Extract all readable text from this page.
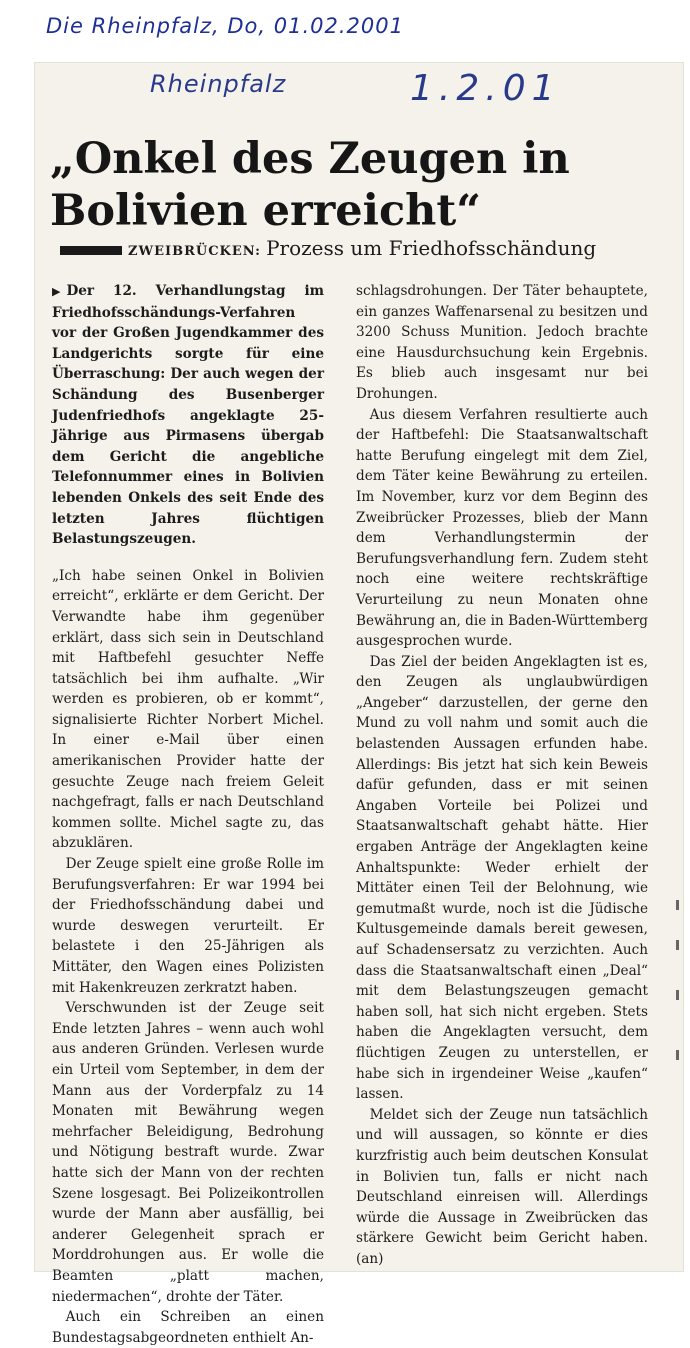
Die Rheinpfalz, Do, 01.02.2001
Rheinpfalz	1.2.01
„Onkel des Zeugen in Bolivien erreicht“
ZWEIBRÜCKEN: Prozess um Friedhofsschändung

▶ Der 12. Verhandlungstag im Friedhofsschändungs-Verfahren vor der Großen Jugendkammer des Landgerichts sorgte für eine Überraschung: Der auch wegen der Schändung des Busenberger Judenfriedhofs angeklagte 25-Jährige aus Pirmasens übergab dem Gericht die angebliche Telefonnummer eines in Bolivien lebenden Onkels des seit Ende des letzten Jahres flüchtigen Belastungszeugen.

„Ich habe seinen Onkel in Bolivien erreicht“, erklärte er dem Gericht. Der Verwandte habe ihm gegenüber erklärt, dass sich sein in Deutschland mit Haftbefehl gesuchter Neffe tatsächlich bei ihm aufhalte. „Wir werden es probieren, ob er kommt“, signalisierte Richter Norbert Michel. In einer e-Mail über einen amerikanischen Provider hatte der gesuchte Zeuge nach freiem Geleit nachgefragt, falls er nach Deutschland kommen sollte. Michel sagte zu, das abzuklären.

Der Zeuge spielt eine große Rolle im Berufungsverfahren: Er war 1994 bei der Friedhofsschändung dabei und wurde deswegen verurteilt. Er belastete i den 25-Jährigen als Mittäter, den Wagen eines Polizisten mit Hakenkreuzen zerkratzt haben.

Verschwunden ist der Zeuge seit Ende letzten Jahres – wenn auch wohl aus anderen Gründen. Verlesen wurde ein Urteil vom September, in dem der Mann aus der Vorderpfalz zu 14 Monaten mit Bewährung wegen mehrfacher Beleidigung, Bedrohung und Nötigung bestraft wurde. Zwar hatte sich der Mann von der rechten Szene losgesagt. Bei Polizeikontrollen wurde der Mann aber ausfällig, bei anderer Gelegenheit sprach er Morddrohungen aus. Er wolle die Beamten „platt machen, niedermachen“, drohte der Täter.

Auch ein Schreiben an einen Bundestagsabgeordneten enthielt An-

schlagsdrohungen. Der Täter behauptete, ein ganzes Waffenarsenal zu besitzen und 3200 Schuss Munition. Jedoch brachte eine Hausdurchsuchung kein Ergebnis. Es blieb auch insgesamt nur bei Drohungen.

Aus diesem Verfahren resultierte auch der Haftbefehl: Die Staatsanwaltschaft hatte Berufung eingelegt mit dem Ziel, dem Täter keine Bewährung zu erteilen. Im November, kurz vor dem Beginn des Zweibrücker Prozesses, blieb der Mann dem Verhandlungstermin der Berufungsverhandlung fern. Zudem steht noch eine weitere rechtskräftige Verurteilung zu neun Monaten ohne Bewährung an, die in Baden-Württemberg ausgesprochen wurde.

Das Ziel der beiden Angeklagten ist es, den Zeugen als unglaubwürdigen „Angeber“ darzustellen, der gerne den Mund zu voll nahm und somit auch die belastenden Aussagen erfunden habe. Allerdings: Bis jetzt hat sich kein Beweis dafür gefunden, dass er mit seinen Angaben Vorteile bei Polizei und Staatsanwaltschaft gehabt hätte. Hier ergaben Anträge der Angeklagten keine Anhaltspunkte: Weder erhielt der Mittäter einen Teil der Belohnung, wie gemutmaßt wurde, noch ist die Jüdische Kultusgemeinde damals bereit gewesen, auf Schadensersatz zu verzichten. Auch dass die Staatsanwaltschaft einen „Deal“ mit dem Belastungszeugen gemacht haben soll, hat sich nicht ergeben. Stets haben die Angeklagten versucht, dem flüchtigen Zeugen zu unterstellen, er habe sich in irgendeiner Weise „kaufen“ lassen.

Meldet sich der Zeuge nun tatsächlich und will aussagen, so könnte er dies kurzfristig auch beim deutschen Konsulat in Bolivien tun, falls er nicht nach Deutschland einreisen will. Allerdings würde die Aussage in Zweibrücken das stärkere Gewicht beim Gericht haben. (an)
